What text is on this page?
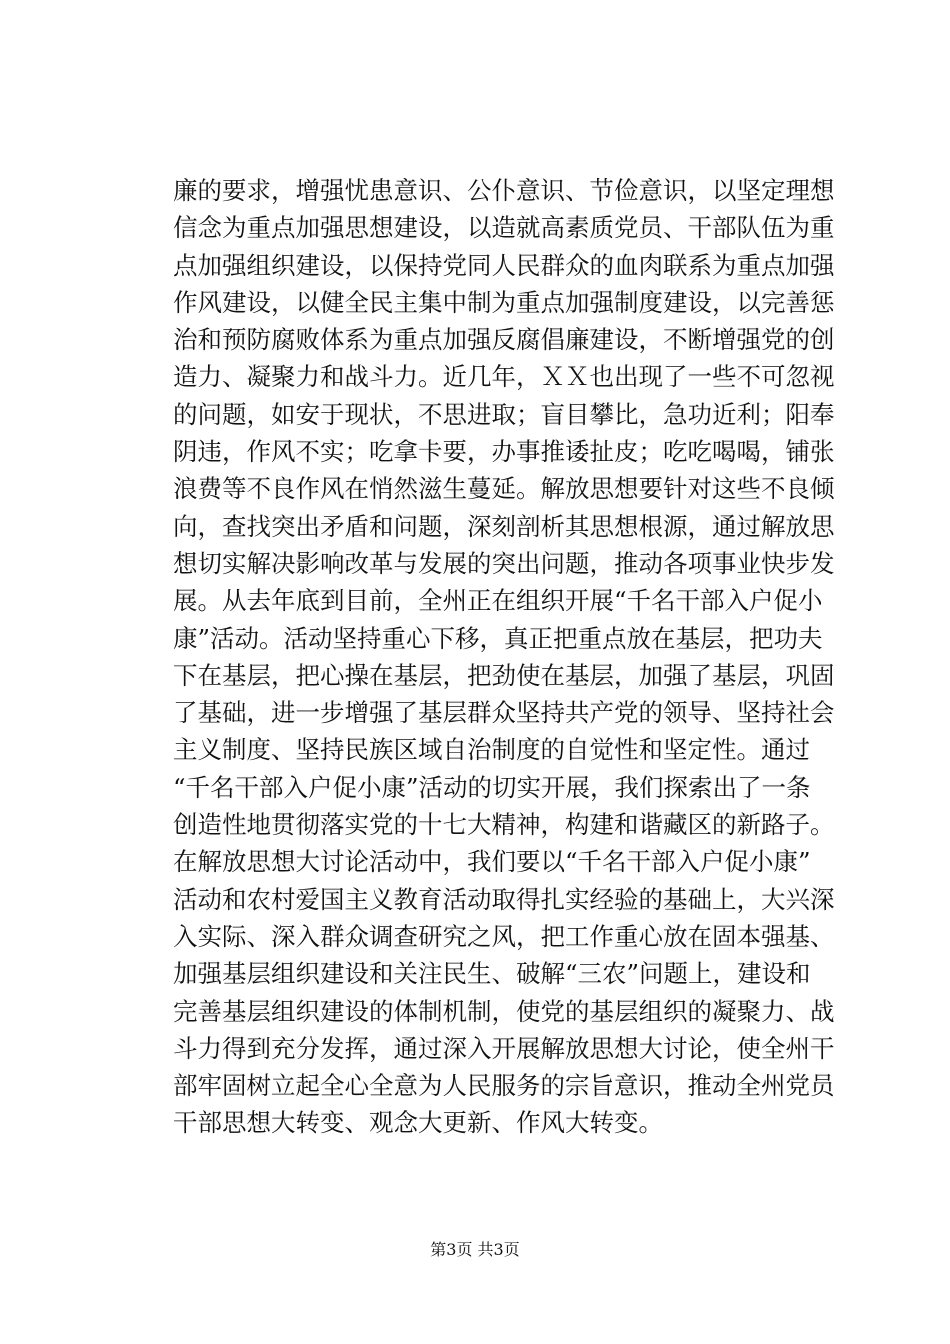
廉的要求，增强忧患意识、公仆意识、节俭意识，以坚定理想
信念为重点加强思想建设，以造就高素质党员、干部队伍为重
点加强组织建设，以保持党同人民群众的血肉联系为重点加强
作风建设，以健全民主集中制为重点加强制度建设，以完善惩
治和预防腐败体系为重点加强反腐倡廉建设，不断增强党的创
造力、凝聚力和战斗力。近几年，ＸＸ也出现了一些不可忽视
的问题，如安于现状，不思进取；盲目攀比，急功近利；阳奉
阴违，作风不实；吃拿卡要，办事推诿扯皮；吃吃喝喝，铺张
浪费等不良作风在悄然滋生蔓延。解放思想要针对这些不良倾
向，查找突出矛盾和问题，深刻剖析其思想根源，通过解放思
想切实解决影响改革与发展的突出问题，推动各项事业快步发
展。从去年底到目前，全州正在组织开展“千名干部入户促小
康”活动。活动坚持重心下移，真正把重点放在基层，把功夫
下在基层，把心操在基层，把劲使在基层，加强了基层，巩固
了基础，进一步增强了基层群众坚持共产党的领导、坚持社会
主义制度、坚持民族区域自治制度的自觉性和坚定性。通过
“千名干部入户促小康”活动的切实开展，我们探索出了一条
创造性地贯彻落实党的十七大精神，构建和谐藏区的新路子。
在解放思想大讨论活动中，我们要以“千名干部入户促小康”
活动和农村爱国主义教育活动取得扎实经验的基础上，大兴深
入实际、深入群众调查研究之风，把工作重心放在固本强基、
加强基层组织建设和关注民生、破解“三农”问题上，建设和
完善基层组织建设的体制机制，使党的基层组织的凝聚力、战
斗力得到充分发挥，通过深入开展解放思想大讨论，使全州干
部牢固树立起全心全意为人民服务的宗旨意识，推动全州党员
干部思想大转变、观念大更新、作风大转变。
第3页 共3页
